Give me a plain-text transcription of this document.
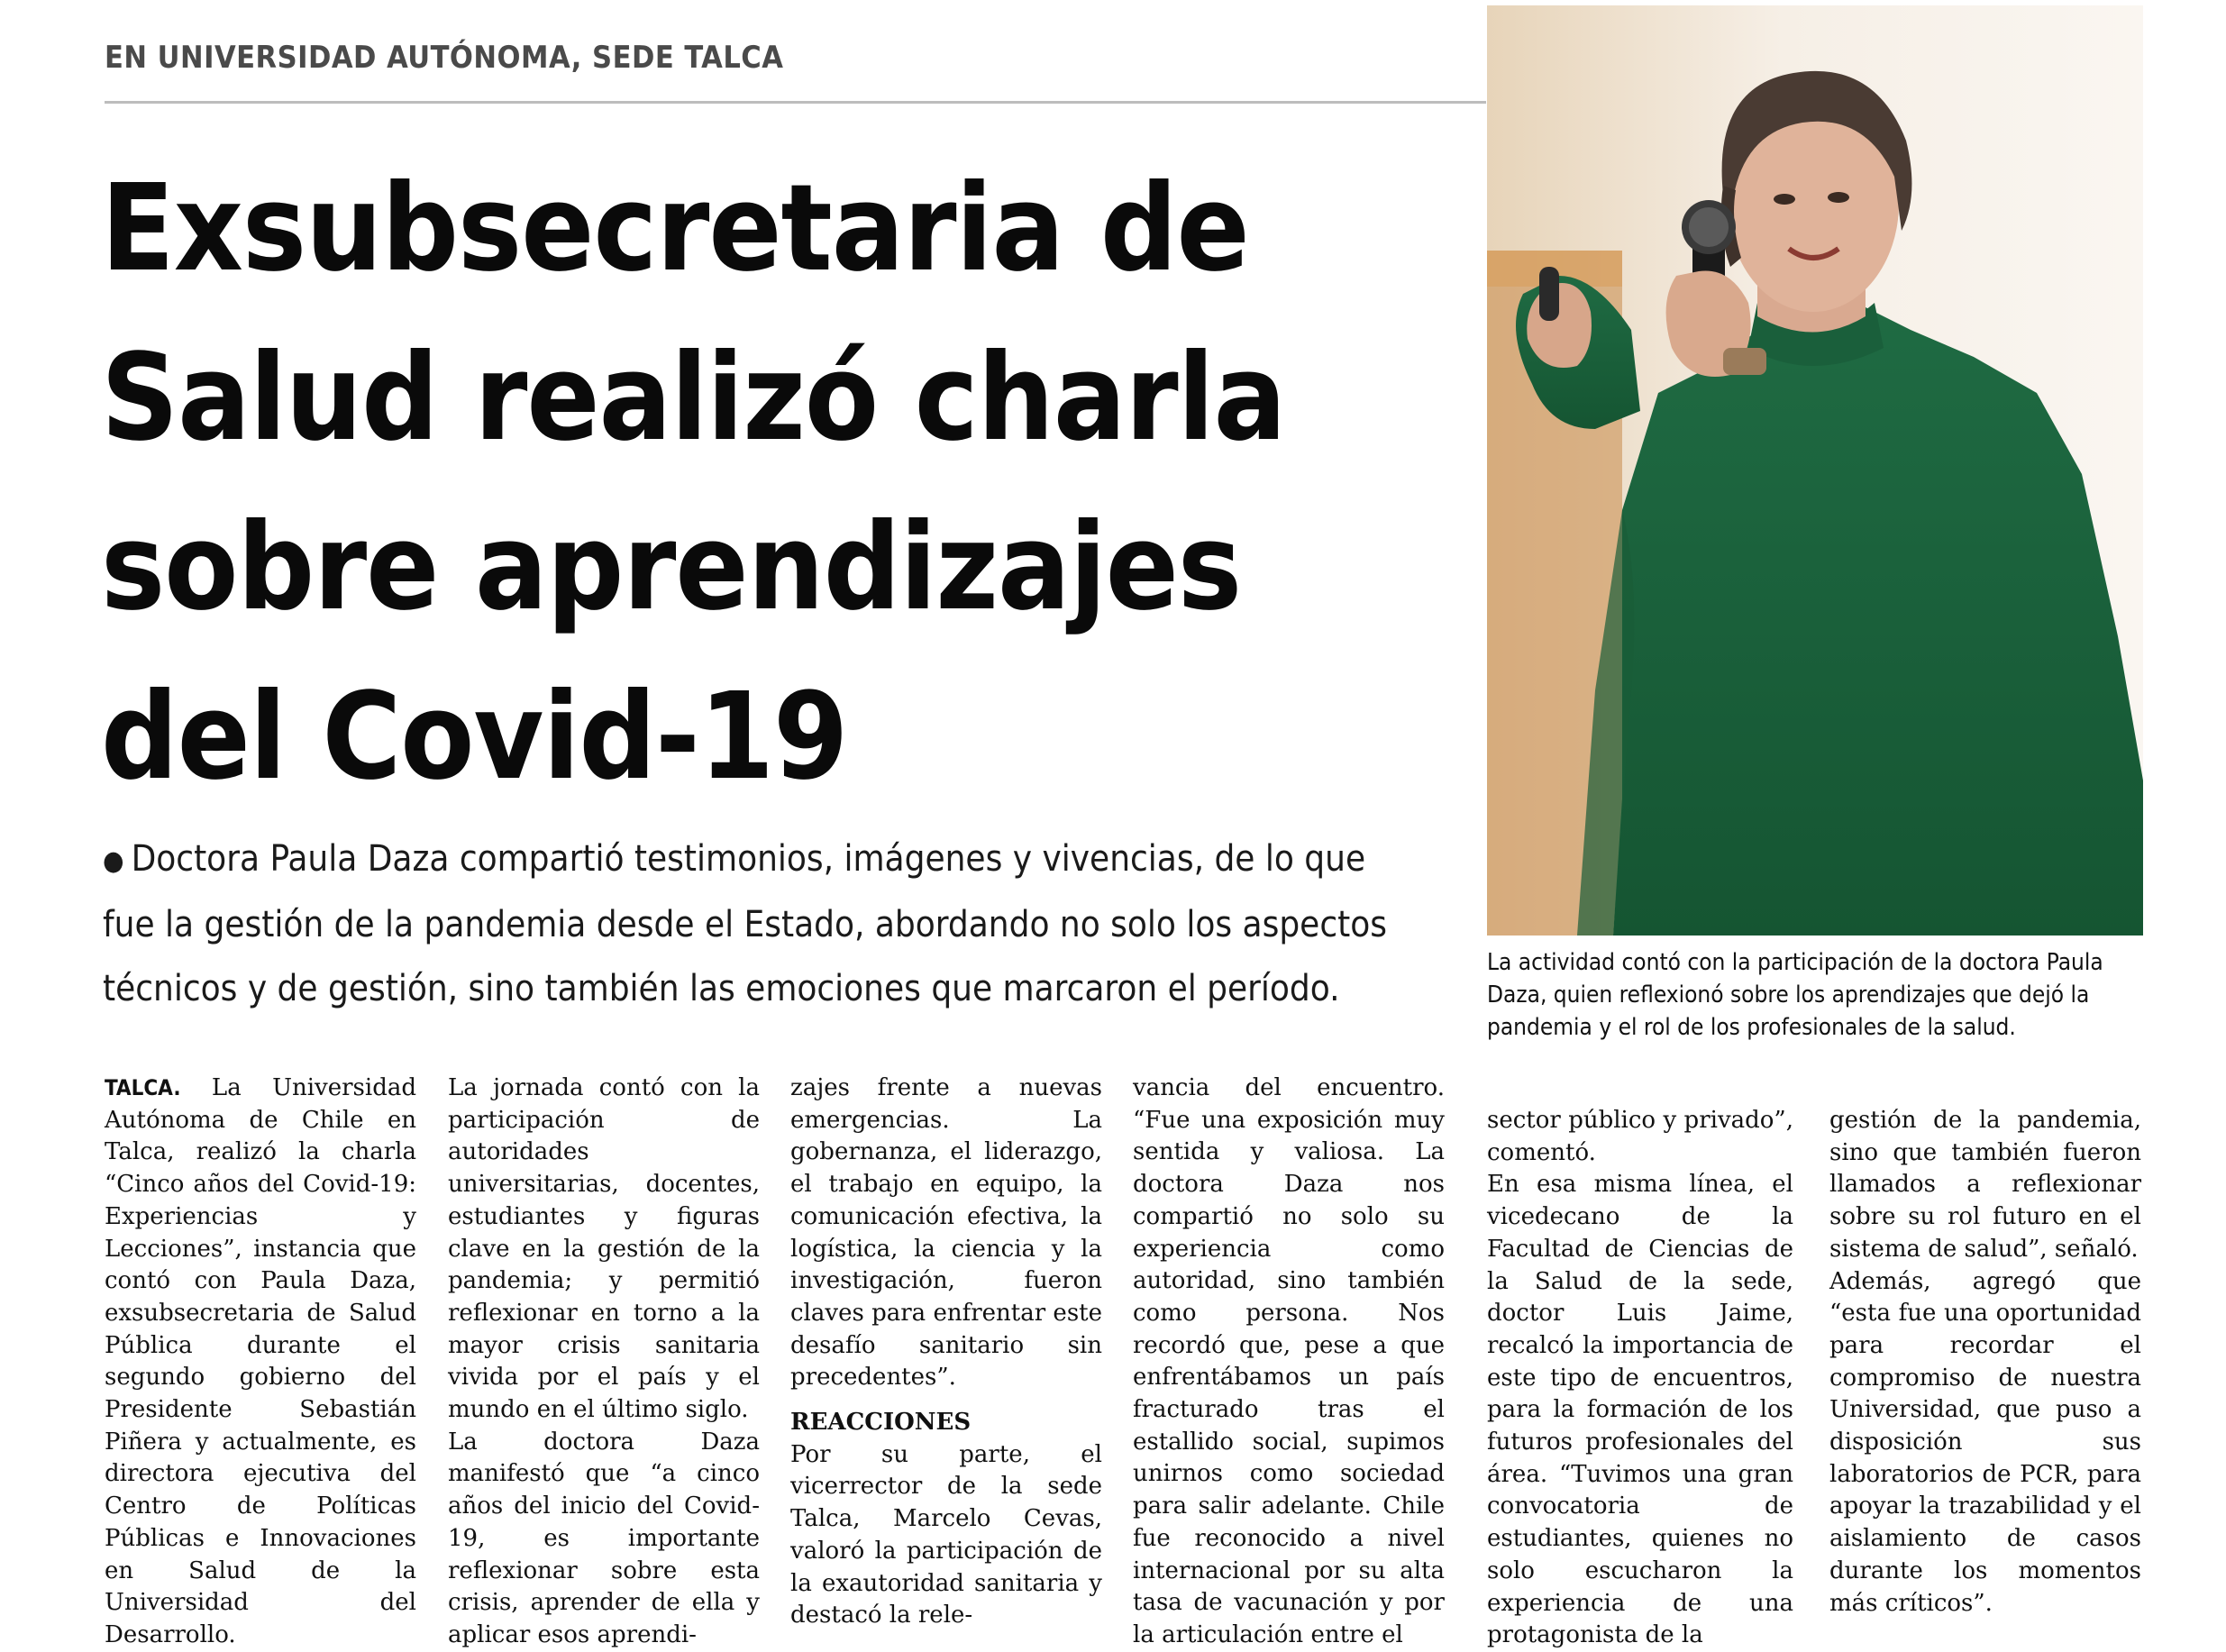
EN UNIVERSIDAD AUTÓNOMA, SEDE TALCA
Exsubsecretaria de
Salud realizó charla
sobre aprendizajes
del Covid-19
● Doctora Paula Daza compartió testimonios, imágenes y vivencias, de lo que
fue la gestión de la pandemia desde el Estado, abordando no solo los aspectos
técnicos y de gestión, sino también las emociones que marcaron el período.
La actividad contó con la participación de la doctora Paula Daza, quien reflexionó sobre los aprendizajes que dejó la pandemia y el rol de los profesionales de la salud.

TALCA. La Universidad Autónoma de Chile en Talca, realizó la charla “Cinco años del Covid-19: Experiencias y Lecciones”, instancia que contó con Paula Daza, exsubsecretaria de Salud Pública durante el segundo gobierno del Presidente Sebastián Piñera y actualmente, es directora ejecutiva del Centro de Políticas Públicas e Innovaciones en Salud de la Universidad del Desarrollo.

La jornada contó con la participación de autoridades universitarias, docentes, estudiantes y figuras clave en la gestión de la pandemia; y permitió reflexionar en torno a la mayor crisis sanitaria vivida por el país y el mundo en el último siglo.

La doctora Daza manifestó que “a cinco años del inicio del Covid-19, es importante reflexionar sobre esta crisis, aprender de ella y aplicar esos aprendi-

zajes frente a nuevas emergencias. La gobernanza, el liderazgo, el trabajo en equipo, la comunicación efectiva, la logística, la ciencia y la investigación, fueron claves para enfrentar este desafío sanitario sin precedentes”.

REACCIONES

Por su parte, el vicerrector de la sede Talca, Marcelo Cevas, valoró la participación de la exautoridad sanitaria y destacó la rele-

vancia del encuentro. “Fue una exposición muy sentida y valiosa. La doctora Daza nos compartió no solo su experiencia como autoridad, sino también como persona. Nos recordó que, pese a que enfrentábamos un país fracturado tras el estallido social, supimos unirnos como sociedad para salir adelante. Chile fue reconocido a nivel internacional por su alta tasa de vacunación y por la articulación entre el

sector público y privado”, comentó.

En esa misma línea, el vicedecano de la Facultad de Ciencias de la Salud de la sede, doctor Luis Jaime, recalcó la importancia de este tipo de encuentros, para la formación de los futuros profesionales del área. “Tuvimos una gran convocatoria de estudiantes, quienes no solo escucharon la experiencia de una protagonista de la

gestión de la pandemia, sino que también fueron llamados a reflexionar sobre su rol futuro en el sistema de salud”, señaló.

Además, agregó que “esta fue una oportunidad para recordar el compromiso de nuestra Universidad, que puso a disposición sus laboratorios de PCR, para apoyar la trazabilidad y el aislamiento de casos durante los momentos más críticos”.
